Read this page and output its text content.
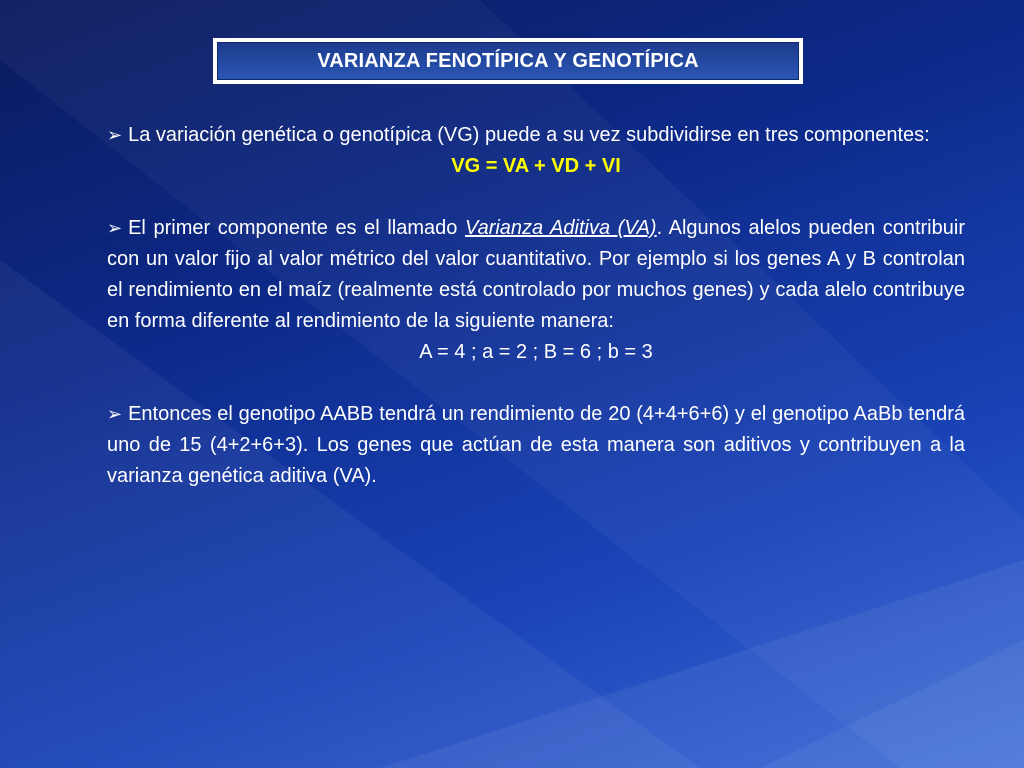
VARIANZA FENOTÍPICA Y GENOTÍPICA

➢ La variación genética o genotípica (VG) puede a su vez subdividirse en tres componentes:

VG = VA + VD + VI

➢ El primer componente es el llamado Varianza Aditiva (VA). Algunos alelos pueden contribuir con un valor fijo al valor métrico del valor cuantitativo. Por ejemplo si los genes A y B controlan el rendimiento en el maíz (realmente está controlado por muchos genes) y cada alelo contribuye en forma diferente al rendimiento de la siguiente manera:

A = 4 ; a = 2 ; B = 6 ; b = 3

➢ Entonces el genotipo AABB tendrá un rendimiento de 20 (4+4+6+6) y el genotipo AaBb tendrá uno de 15 (4+2+6+3). Los genes que actúan de esta manera son aditivos y contribuyen a la varianza genética aditiva (VA).
